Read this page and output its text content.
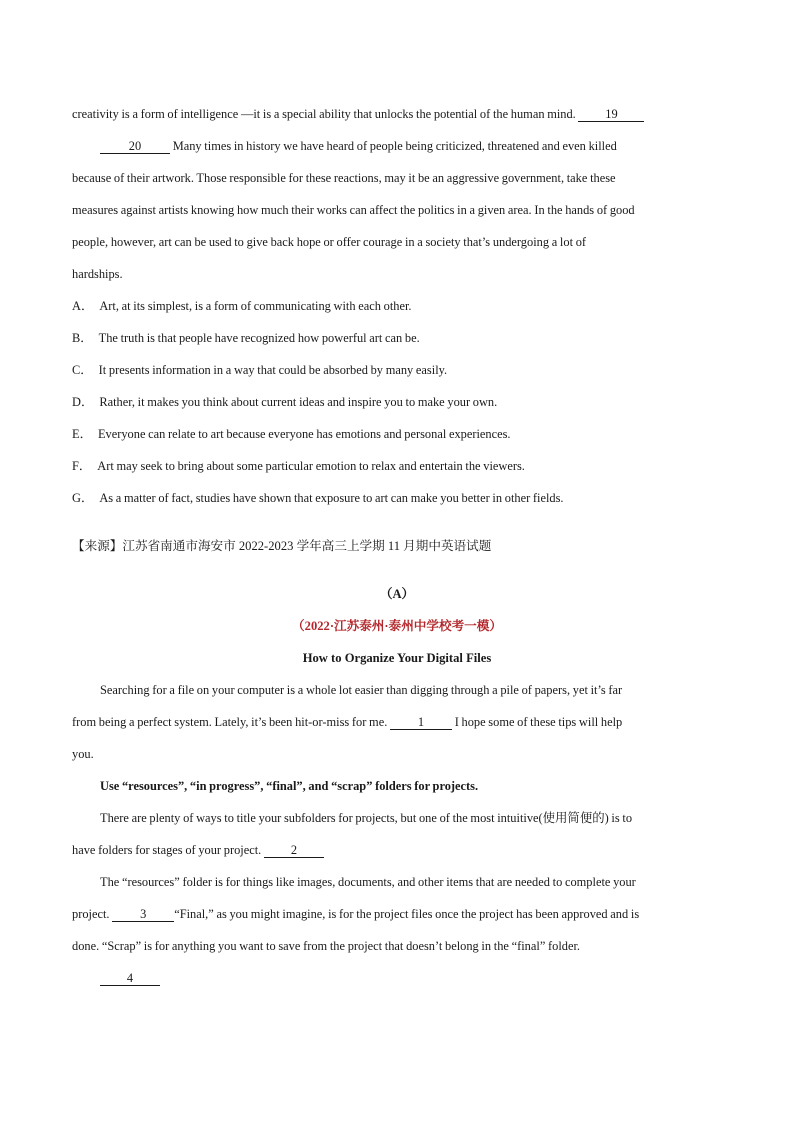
creativity is a form of intelligence —it is a special ability that unlocks the potential of the human mind. 19
20 Many times in history we have heard of people being criticized, threatened and even killed
because of their artwork. Those responsible for these reactions, may it be an aggressive government, take these
measures against artists knowing how much their works can affect the politics in a given area. In the hands of good
people, however, art can be used to give back hope or offer courage in a society that’s undergoing a lot of
hardships.
A． Art, at its simplest, is a form of communicating with each other.
B． The truth is that people have recognized how powerful art can be.
C． It presents information in a way that could be absorbed by many easily.
D． Rather, it makes you think about current ideas and inspire you to make your own.
E． Everyone can relate to art because everyone has emotions and personal experiences.
F． Art may seek to bring about some particular emotion to relax and entertain the viewers.
G． As a matter of fact, studies have shown that exposure to art can make you better in other fields.
【来源】江苏省南通市海安市 2022-2023 学年高三上学期 11 月期中英语试题
（A）
（2022·江苏泰州·泰州中学校考一模）
How to Organize Your Digital Files
Searching for a file on your computer is a whole lot easier than digging through a pile of papers, yet it’s far
from being a perfect system. Lately, it’s been hit-or-miss for me. 1 I hope some of these tips will help
you.
Use “resources”, “in progress”, “final”, and “scrap” folders for projects.
There are plenty of ways to title your subfolders for projects, but one of the most intuitive(使用简便的) is to
have folders for stages of your project. 2
The “resources” folder is for things like images, documents, and other items that are needed to complete your
project. 3 “Final,” as you might imagine, is for the project files once the project has been approved and is
done. “Scrap” is for anything you want to save from the project that doesn’t belong in the “final” folder.
4
